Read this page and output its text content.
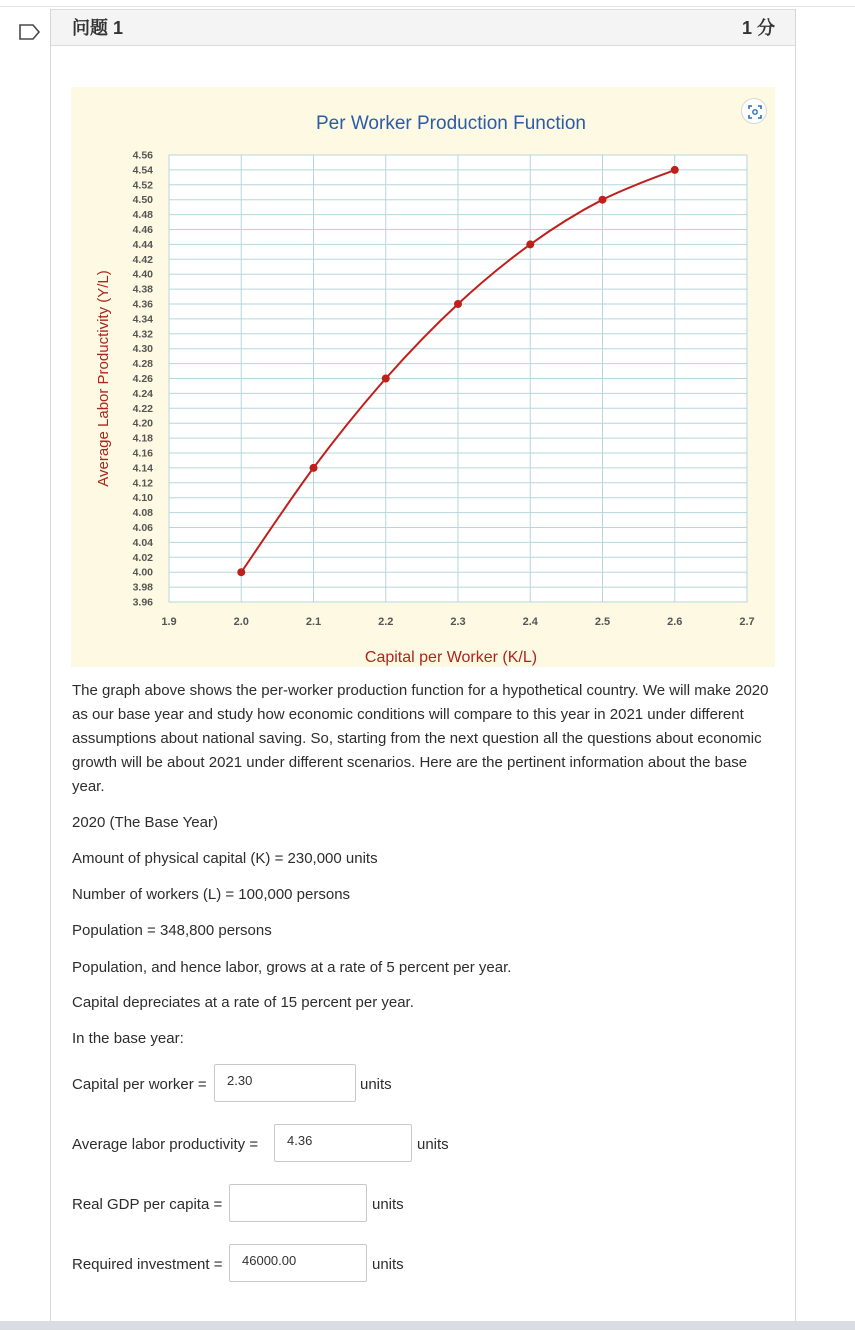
问题 1	1 分
4.56
4.54
4.52
4.50
4.48
4.46
4.44
4.42
4.40
4.38
4.36
4.34
4.32
4.30
4.28
4.26
4.24
4.22
4.20
4.18
4.16
4.14
4.12
4.10
4.08
4.06
4.04
4.02
4.00
3.98
3.96
1.9	2.0	2.1	2.2	2.3	2.4	2.5	2.6	2.7
Per Worker Production Function
Capital per Worker (K/L)
Average Labor Productivity (Y/L)
The graph above shows the per-worker production function for a hypothetical country. We will make 2020 as our base year and study how economic conditions will compare to this year in 2021 under different assumptions about national saving. So, starting from the next question all the questions about economic growth will be about 2021 under different scenarios. Here are the pertinent information about the base year.
2020 (The Base Year)
Amount of physical capital (K) = 230,000 units
Number of workers (L) = 100,000 persons
Population = 348,800 persons
Population, and hence labor, grows at a rate of 5 percent per year.
Capital depreciates at a rate of 15 percent per year.
In the base year:
Capital per worker =	2.30	units
Average labor productivity =	4.36	units
Real GDP per capita =	units
Required investment =	46000.00	units
